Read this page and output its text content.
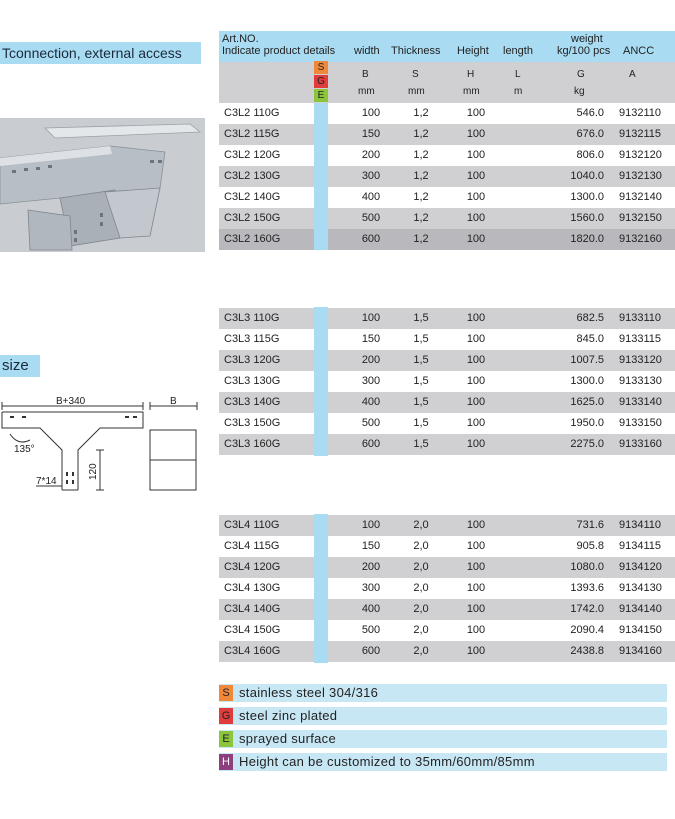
Tconnection, external access
size
B+340	B
135°
7*14
120
Art.NO.
Indicate product details width Thickness Height length
weight
kg/100 pcs ANCC
B	S	H	L	G	A
mm	mm	mm	m	kg
S
G
E
C3L2 110G	100	1,2	100	546.0 9132110
C3L2 115G	150	1,2	100	676.0 9132115
C3L2 120G	200	1,2	100	806.0 9132120
C3L2 130G	300	1,2	100	1040.0 9132130
C3L2 140G	400	1,2	100	1300.0 9132140
C3L2 150G	500	1,2	100	1560.0 9132150
C3L2 160G	600	1,2	100	1820.0 9132160
C3L3 110G	100	1,5	100	682.5 9133110
C3L3 115G	150	1,5	100	845.0 9133115
C3L3 120G	200	1,5	100	1007.5 9133120
C3L3 130G	300	1,5	100	1300.0 9133130
C3L3 140G	400	1,5	100	1625.0 9133140
C3L3 150G	500	1,5	100	1950.0 9133150
C3L3 160G	600	1,5	100	2275.0 9133160
C3L4 110G	100	2,0	100	731.6 9134110
C3L4 115G	150	2,0	100	905.8 9134115
C3L4 120G	200	2,0	100	1080.0 9134120
C3L4 130G	300	2,0	100	1393.6 9134130
C3L4 140G	400	2,0	100	1742.0 9134140
C3L4 150G	500	2,0	100	2090.4 9134150
C3L4 160G	600	2,0	100	2438.8 9134160
S stainless steel 304/316
G steel zinc plated
E sprayed surface
H Height can be customized to 35mm/60mm/85mm
